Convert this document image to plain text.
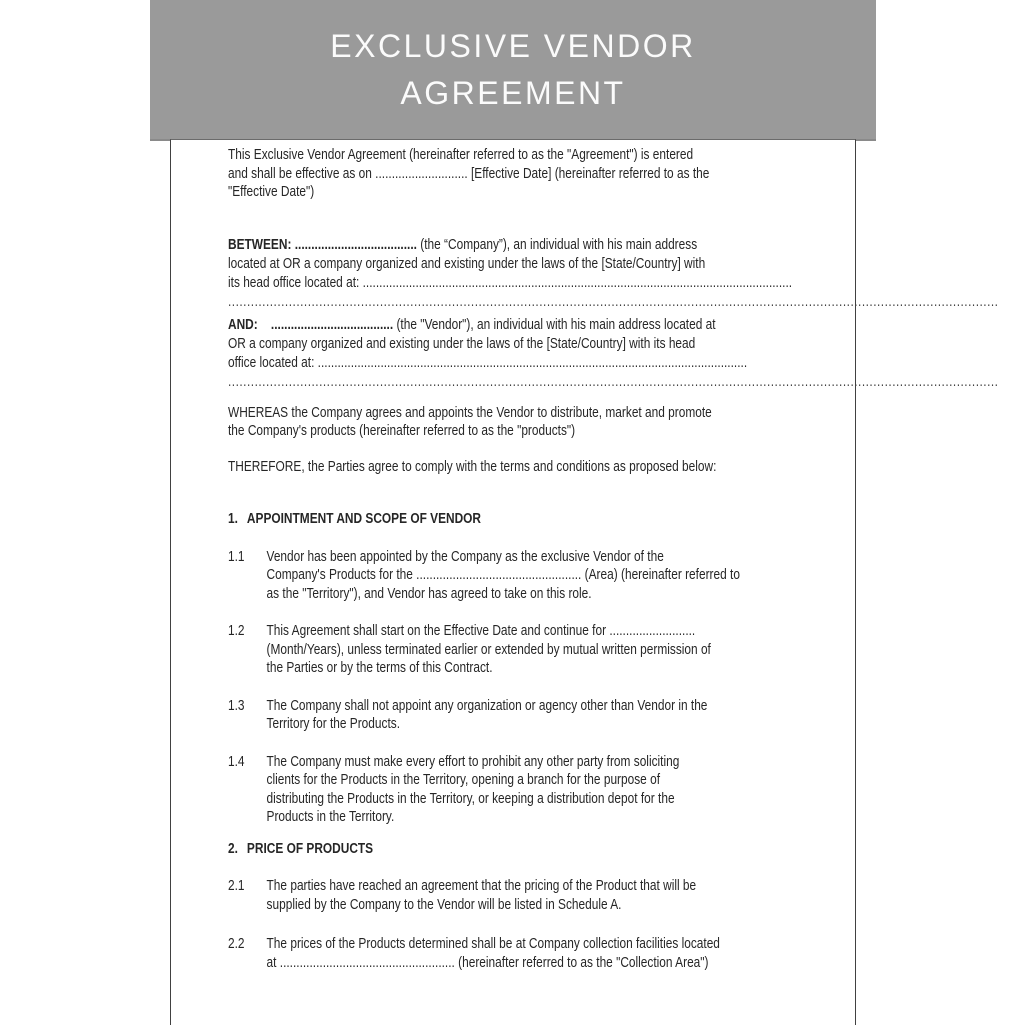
EXCLUSIVE VENDOR
AGREEMENT
This Exclusive Vendor Agreement (hereinafter referred to as the "Agreement") is entered
and shall be effective as on ............................ [Effective Date] (hereinafter referred to as the
"Effective Date")
BETWEEN: ..................................... (the “Company”), an individual with his main address
located at OR a company organized and existing under the laws of the [State/Country] with
its head office located at: ..................................................................................................................................
...........................................................................................................................................................................................................
AND:    ..................................... (the "Vendor"), an individual with his main address located at
OR a company organized and existing under the laws of the [State/Country] with its head
office located at: ..................................................................................................................................
...........................................................................................................................................................................................................
WHEREAS the Company agrees and appoints the Vendor to distribute, market and promote
the Company's products (hereinafter referred to as the "products")
THEREFORE, the Parties agree to comply with the terms and conditions as proposed below:
1. APPOINTMENT AND SCOPE OF VENDOR
1.1	Vendor has been appointed by the Company as the exclusive Vendor of the
Company's Products for the .................................................. (Area) (hereinafter referred to
as the "Territory"), and Vendor has agreed to take on this role.
1.2	This Agreement shall start on the Effective Date and continue for ..........................
(Month/Years), unless terminated earlier or extended by mutual written permission of
the Parties or by the terms of this Contract.
1.3	The Company shall not appoint any organization or agency other than Vendor in the
Territory for the Products.
1.4	The Company must make every effort to prohibit any other party from soliciting
clients for the Products in the Territory, opening a branch for the purpose of
distributing the Products in the Territory, or keeping a distribution depot for the
Products in the Territory.
2. PRICE OF PRODUCTS
2.1	The parties have reached an agreement that the pricing of the Product that will be
supplied by the Company to the Vendor will be listed in Schedule A.
2.2	The prices of the Products determined shall be at Company collection facilities located
at ..................................................... (hereinafter referred to as the "Collection Area")
